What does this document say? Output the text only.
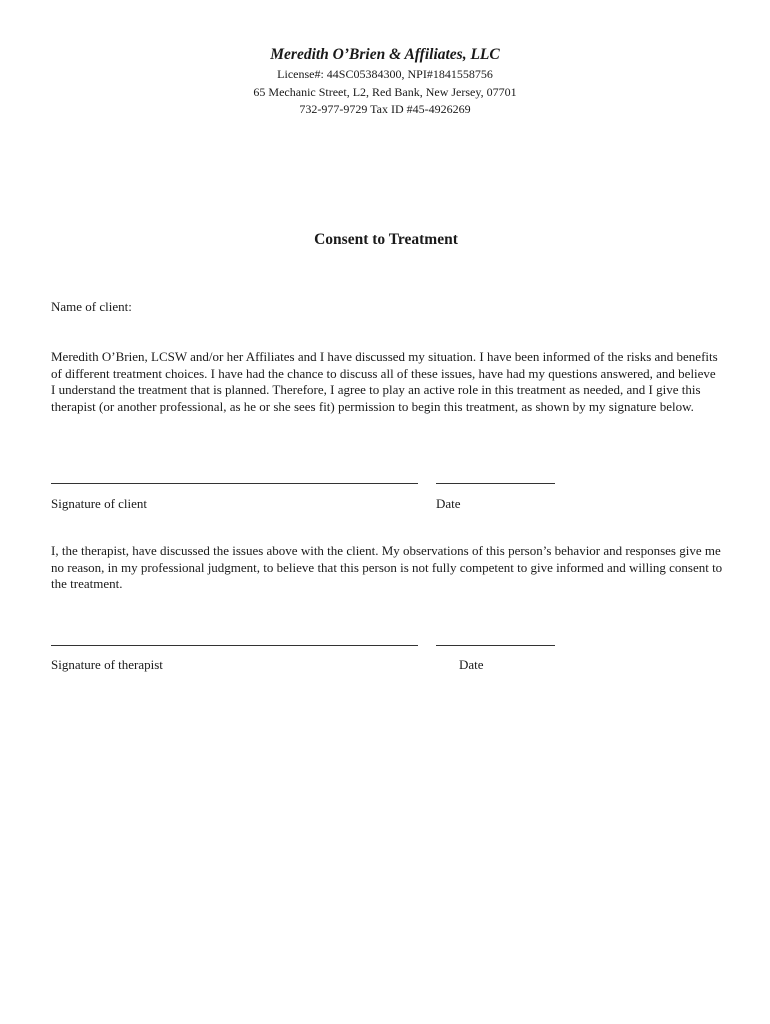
Meredith O’Brien & Affiliates, LLC
License#: 44SC05384300, NPI#1841558756
65 Mechanic Street, L2, Red Bank, New Jersey, 07701
732-977-9729 Tax ID #45-4926269
Consent to Treatment
Name of client:

Meredith O’Brien, LCSW and/or her Affiliates and I have discussed my situation. I have been informed of the risks and benefits of different treatment choices. I have had the chance to discuss all of these issues, have had my questions answered, and believe I understand the treatment that is planned. Therefore, I agree to play an active role in this treatment as needed, and I give this therapist (or another professional, as he or she sees fit) permission to begin this treatment, as shown by my signature below.

Signature of client	Date

I, the therapist, have discussed the issues above with the client. My observations of this person’s behavior and responses give me no reason, in my professional judgment, to believe that this person is not fully competent to give informed and willing consent to the treatment.

Signature of therapist	Date
